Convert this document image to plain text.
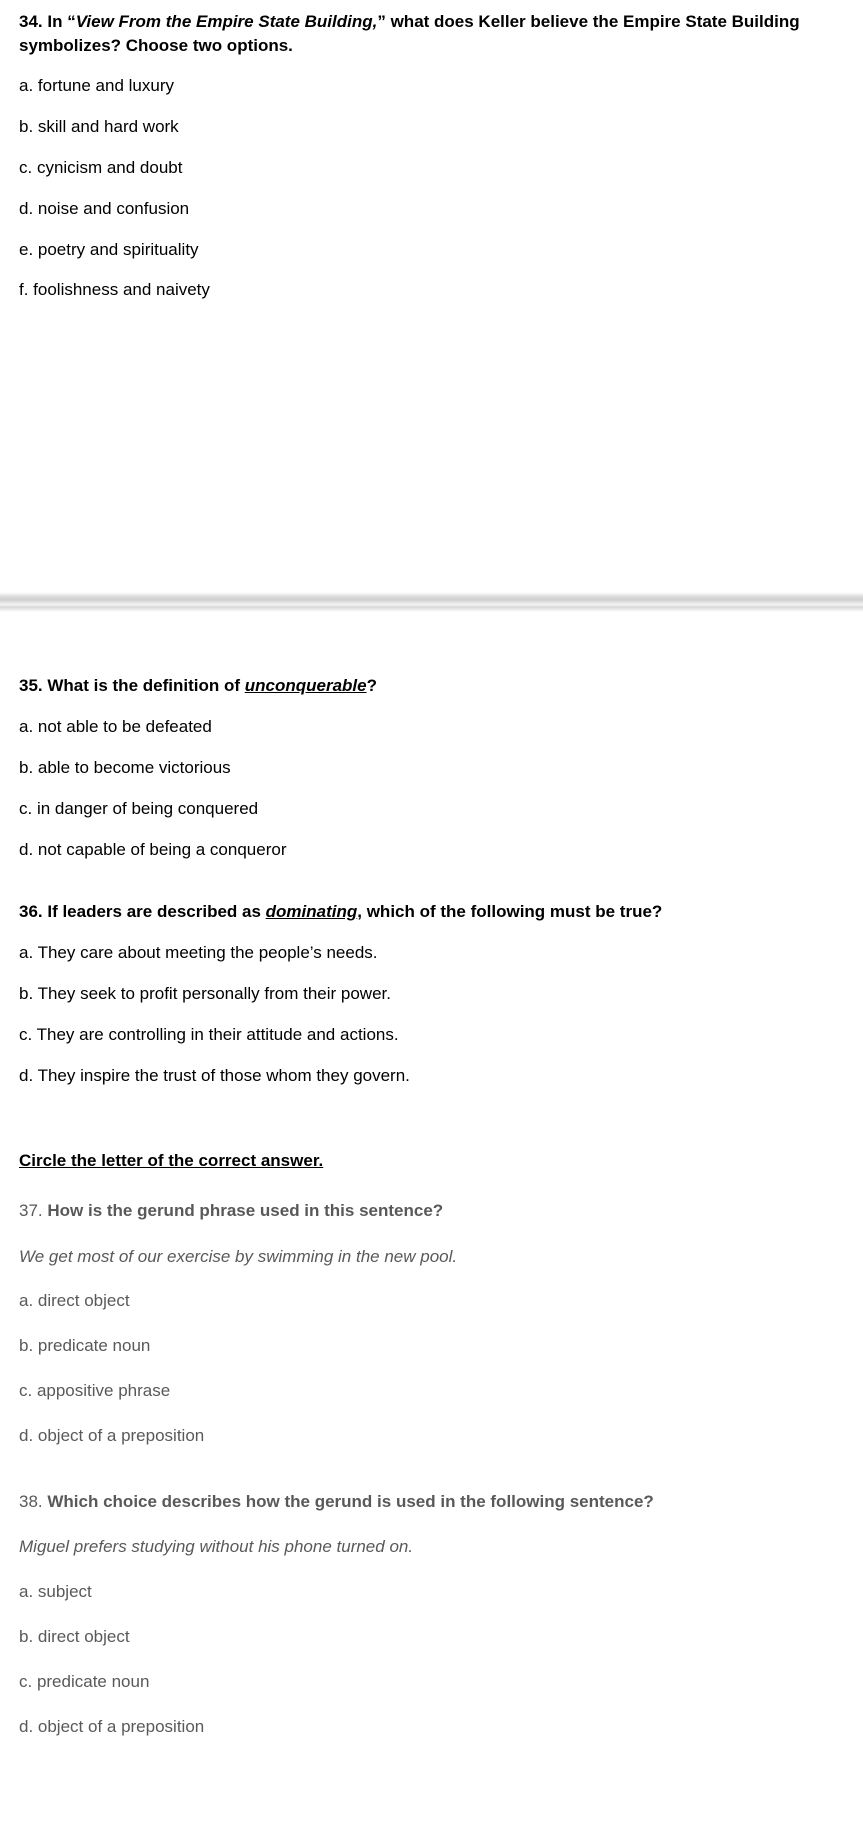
34. In “View From the Empire State Building,” what does Keller believe the Empire State Building symbolizes? Choose two options.
a. fortune and luxury
b. skill and hard work
c. cynicism and doubt
d. noise and confusion
e. poetry and spirituality
f. foolishness and naivety
35. What is the definition of unconquerable?
a. not able to be defeated
b. able to become victorious
c. in danger of being conquered
d. not capable of being a conqueror
36. If leaders are described as dominating, which of the following must be true?
a. They care about meeting the people’s needs.
b. They seek to profit personally from their power.
c. They are controlling in their attitude and actions.
d. They inspire the trust of those whom they govern.
Circle the letter of the correct answer.
37. How is the gerund phrase used in this sentence?
We get most of our exercise by swimming in the new pool.
a. direct object
b. predicate noun
c. appositive phrase
d. object of a preposition
38. Which choice describes how the gerund is used in the following sentence?
Miguel prefers studying without his phone turned on.
a. subject
b. direct object
c. predicate noun
d. object of a preposition
